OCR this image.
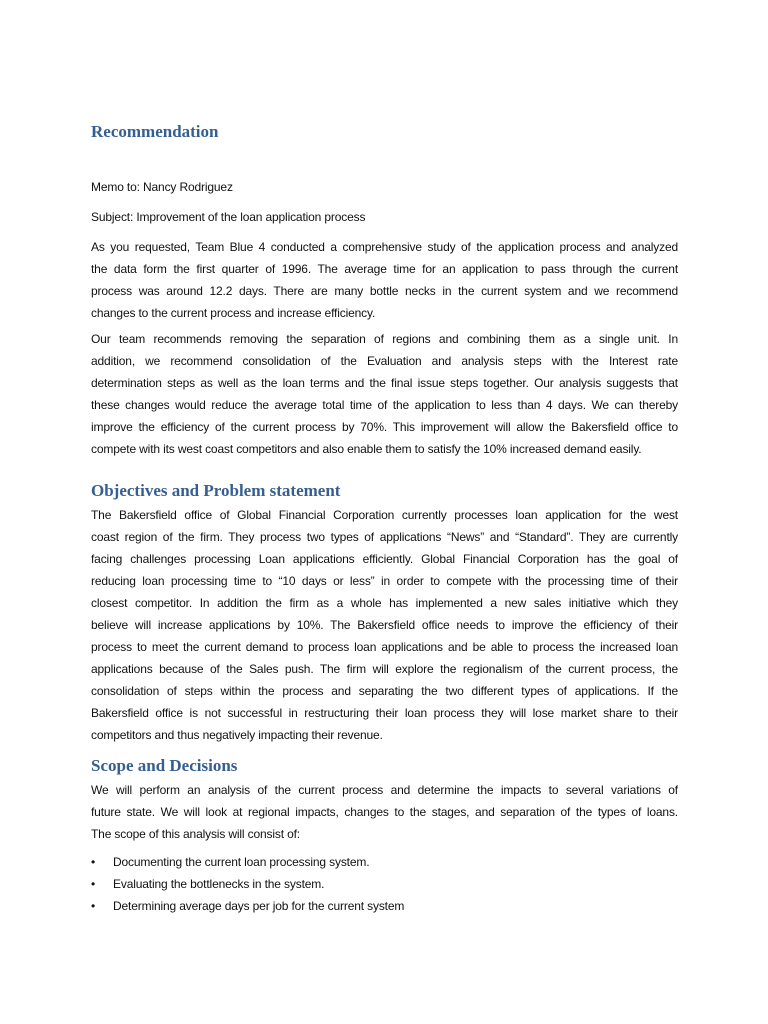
Recommendation
Memo to: Nancy Rodriguez
Subject: Improvement of the loan application process
Objectives and Problem statement
Scope and Decisions
As you requested, Team Blue 4 conducted a comprehensive study of the application process and analyzed
the data form the first quarter of 1996. The average time for an application to pass through the current
process was around 12.2 days. There are many bottle necks in the current system and we recommend
changes to the current process and increase efficiency.
Our team recommends removing the separation of regions and combining them as a single unit. In
addition, we recommend consolidation of the Evaluation and analysis steps with the Interest rate
determination steps as well as the loan terms and the final issue steps together. Our analysis suggests that
these changes would reduce the average total time of the application to less than 4 days. We can thereby
improve the efficiency of the current process by 70%. This improvement will allow the Bakersfield office to
compete with its west coast competitors and also enable them to satisfy the 10% increased demand easily.
The Bakersfield office of Global Financial Corporation currently processes loan application for the west
coast region of the firm. They process two types of applications “News” and “Standard”. They are currently
facing challenges processing Loan applications efficiently. Global Financial Corporation has the goal of
reducing loan processing time to “10 days or less” in order to compete with the processing time of their
closest competitor. In addition the firm as a whole has implemented a new sales initiative which they
believe will increase applications by 10%. The Bakersfield office needs to improve the efficiency of their
process to meet the current demand to process loan applications and be able to process the increased loan
applications because of the Sales push. The firm will explore the regionalism of the current process, the
consolidation of steps within the process and separating the two different types of applications. If the
Bakersfield office is not successful in restructuring their loan process they will lose market share to their
competitors and thus negatively impacting their revenue.
We will perform an analysis of the current process and determine the impacts to several variations of
future state. We will look at regional impacts, changes to the stages, and separation of the types of loans.
The scope of this analysis will consist of:
• Documenting the current loan processing system.
• Evaluating the bottlenecks in the system.
• Determining average days per job for the current system
